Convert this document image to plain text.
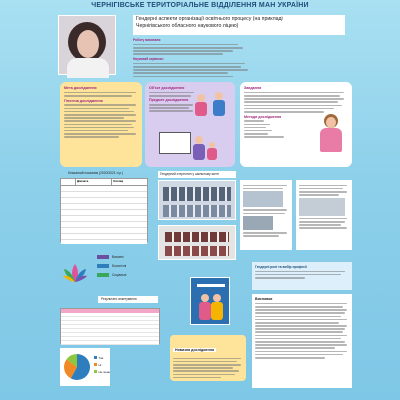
ЧЕРНІГІВСЬКЕ ТЕРИТОРІАЛЬНЕ ВІДДІЛЕННЯ МАН УКРАЇНИ
Гендерні аспекти організації освітнього процесу (на прикладі
Чернігівського обласного наукового ліцею)
Роботу виконала:
Науковий керівник:
Мета дослідження
Гіпотеза дослідження
Об'єкт дослідження
Предмет дослідження
Завдання
Методи дослідження
Кількісний показник (2020/2021 н.р.)
Дівчата	Хлопці
Виховні
Біологічні
Соціальні
Гендерний стереотип у шкільному житті
Гендерні ролі та вибір професії
Результати анкетування
Так
Ні
Не знаю
Новизна дослідження
Висновки
